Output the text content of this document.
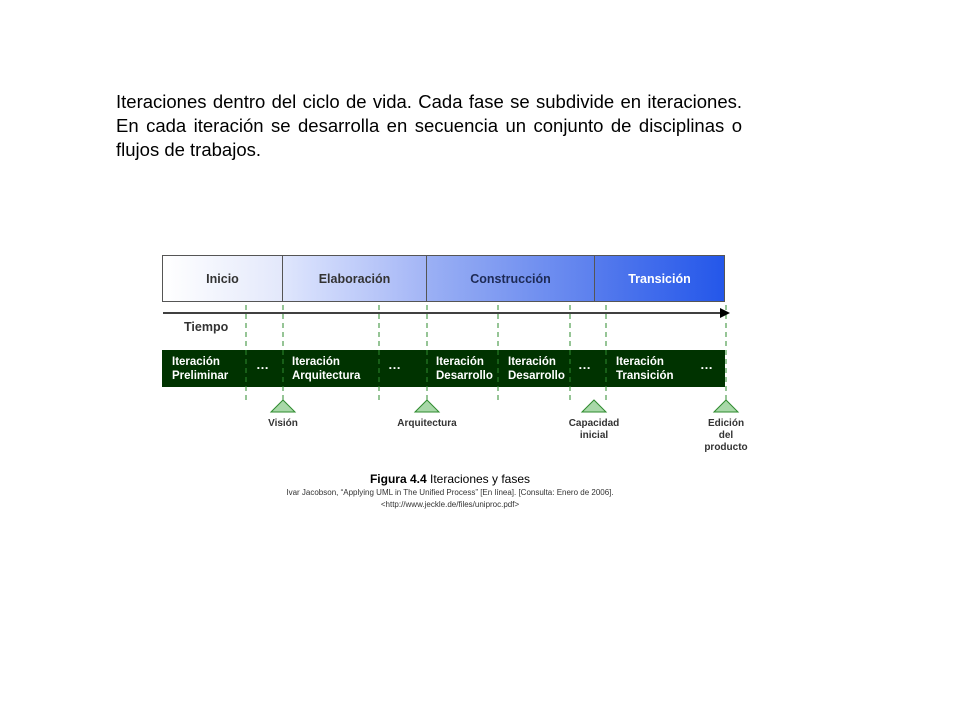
Iteraciones dentro del ciclo de vida. Cada fase se subdivide en iteraciones. En cada iteración se desarrolla en secuencia un conjunto de disciplinas o flujos de trabajos.

Inicio	Elaboración	Construcción	Transición
Tiempo
Iteración
Preliminar
… Iteración
Arquitectura
…	Iteración
Desarrollo
Iteración
Desarrollo
… Iteración
Transición
…
Visión	Arquitectura	Capacidad
inicial
Edición
del
producto
Figura 4.4 Iteraciones y fases
Ivar Jacobson, “Applying UML in The Unified Process” [En línea]. [Consulta: Enero de 2006].
<http://www.jeckle.de/files/uniproc.pdf>
